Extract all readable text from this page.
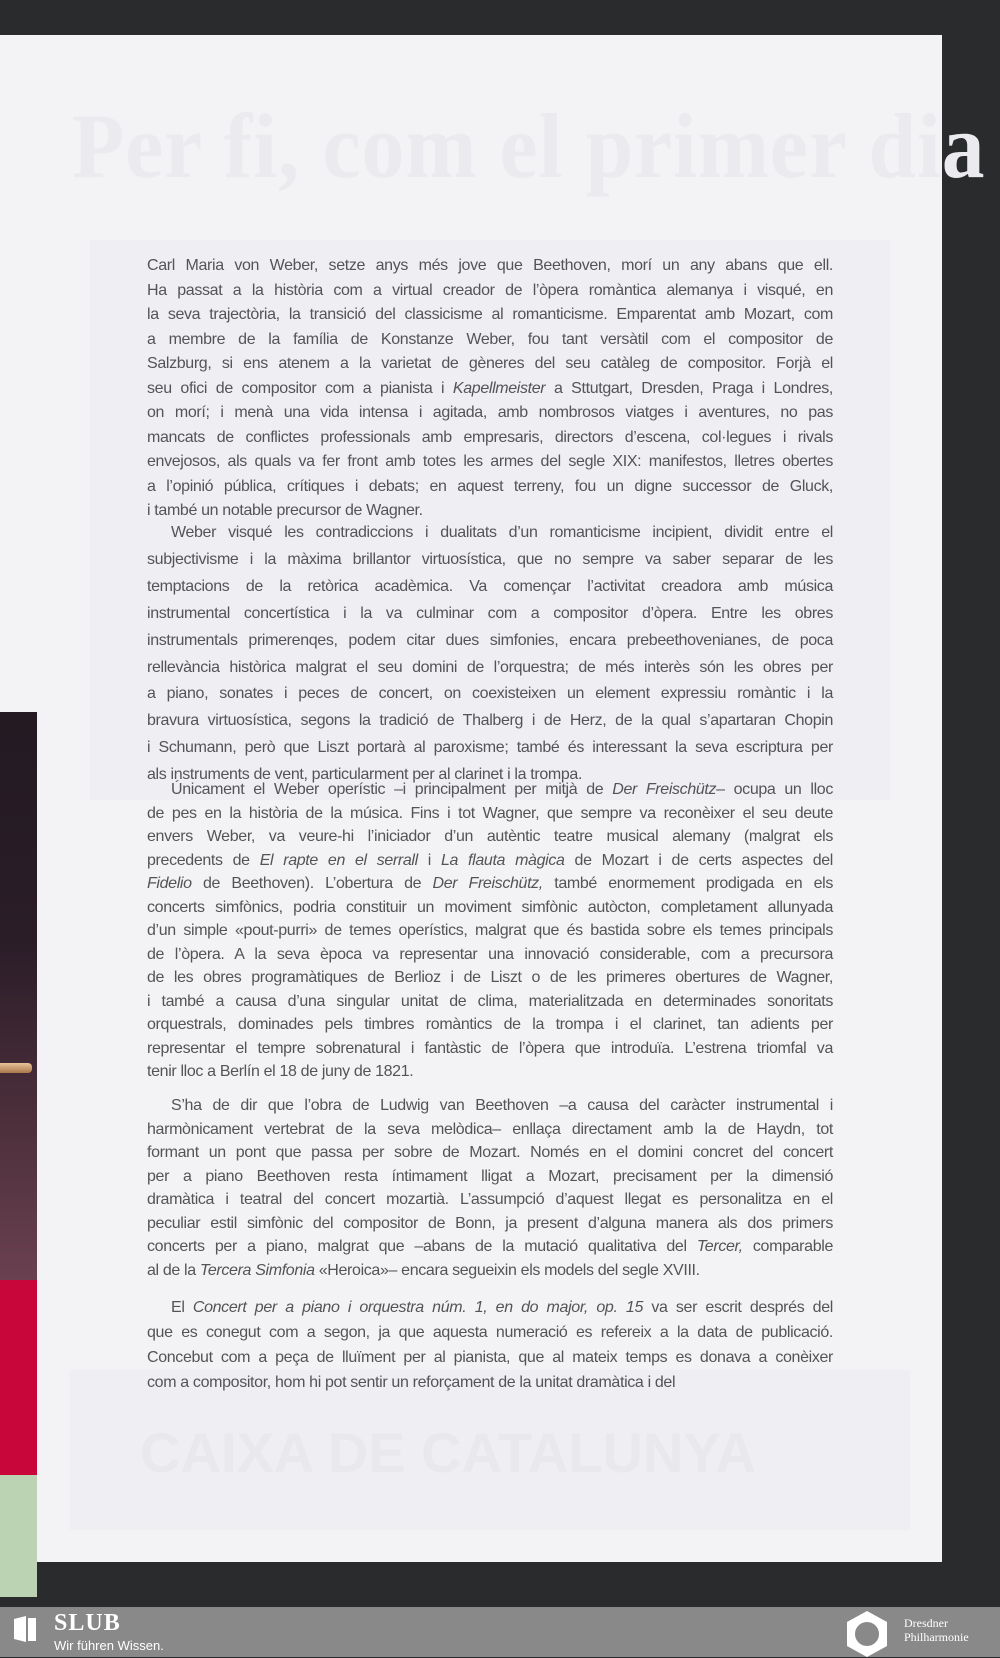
Per fi, com el primer dia
CAIXA DE CATALUNYA
Carl Maria von Weber, setze anys més jove que Beethoven, morí un any abans que ell.
Ha passat a la història com a virtual creador de l’òpera romàntica alemanya i visqué, en
la seva trajectòria, la transició del classicisme al romanticisme. Emparentat amb Mozart, com
a membre de la família de Konstanze Weber, fou tant versàtil com el compositor de
Salzburg, si ens atenem a la varietat de gèneres del seu catàleg de compositor. Forjà el
seu ofici de compositor com a pianista i Kapellmeister a Sttutgart, Dresden, Praga i Londres,
on morí; i menà una vida intensa i agitada, amb nombrosos viatges i aventures, no pas
mancats de conflictes professionals amb empresaris, directors d’escena, col·legues i rivals
envejosos, als quals va fer front amb totes les armes del segle XIX: manifestos, lletres obertes
a l’opinió pública, crítiques i debats; en aquest terreny, fou un digne successor de Gluck,
i també un notable precursor de Wagner.
Weber visqué les contradiccions i dualitats d’un romanticisme incipient, dividit entre el
subjectivisme i la màxima brillantor virtuosística, que no sempre va saber separar de les
temptacions de la retòrica acadèmica. Va començar l’activitat creadora amb música
instrumental concertística i la va culminar com a compositor d’òpera. Entre les obres
instrumentals primerenqes, podem citar dues simfonies, encara prebeethovenianes, de poca
rellevància històrica malgrat el seu domini de l’orquestra; de més interès són les obres per
a piano, sonates i peces de concert, on coexisteixen un element expressiu romàntic i la
bravura virtuosística, segons la tradició de Thalberg i de Herz, de la qual s’apartaran Chopin
i Schumann, però que Liszt portarà al paroxisme; també és interessant la seva escriptura per
als instruments de vent, particularment per al clarinet i la trompa.
Únicament el Weber operístic –i principalment per mitjà de Der Freischütz– ocupa un lloc
de pes en la història de la música. Fins i tot Wagner, que sempre va reconèixer el seu deute
envers Weber, va veure-hi l’iniciador d’un autèntic teatre musical alemany (malgrat els
precedents de El rapte en el serrall i La flauta màgica de Mozart i de certs aspectes del
Fidelio de Beethoven). L’obertura de Der Freischütz, també enormement prodigada en els
concerts simfònics, podria constituir un moviment simfònic autòcton, completament allunyada
d’un simple «pout-purri» de temes operístics, malgrat que és bastida sobre els temes principals
de l’òpera. A la seva època va representar una innovació considerable, com a precursora
de les obres programàtiques de Berlioz i de Liszt o de les primeres obertures de Wagner,
i també a causa d’una singular unitat de clima, materialitzada en determinades sonoritats
orquestrals, dominades pels timbres romàntics de la trompa i el clarinet, tan adients per
representar el tempre sobrenatural i fantàstic de l’òpera que introduïa. L’estrena triomfal va
tenir lloc a Berlín el 18 de juny de 1821.
S’ha de dir que l’obra de Ludwig van Beethoven –a causa del caràcter instrumental i
harmònicament vertebrat de la seva melòdica– enllaça directament amb la de Haydn, tot
formant un pont que passa per sobre de Mozart. Només en el domini concret del concert
per a piano Beethoven resta íntimament lligat a Mozart, precisament per la dimensió
dramàtica i teatral del concert mozartià. L’assumpció d’aquest llegat es personalitza en el
peculiar estil simfònic del compositor de Bonn, ja present d’alguna manera als dos primers
concerts per a piano, malgrat que –abans de la mutació qualitativa del Tercer, comparable
al de la Tercera Simfonia «Heroica»– encara segueixin els models del segle XVIII.
El Concert per a piano i orquestra núm. 1, en do major, op. 15 va ser escrit després del
que es conegut com a segon, ja que aquesta numeració es refereix a la data de publicació.
Concebut com a peça de lluïment per al pianista, que al mateix temps es donava a conèixer
com a compositor, hom hi pot sentir un reforçament de la unitat dramàtica i del
SLUB
Wir führen Wissen.
Dresdner
Philharmonie
